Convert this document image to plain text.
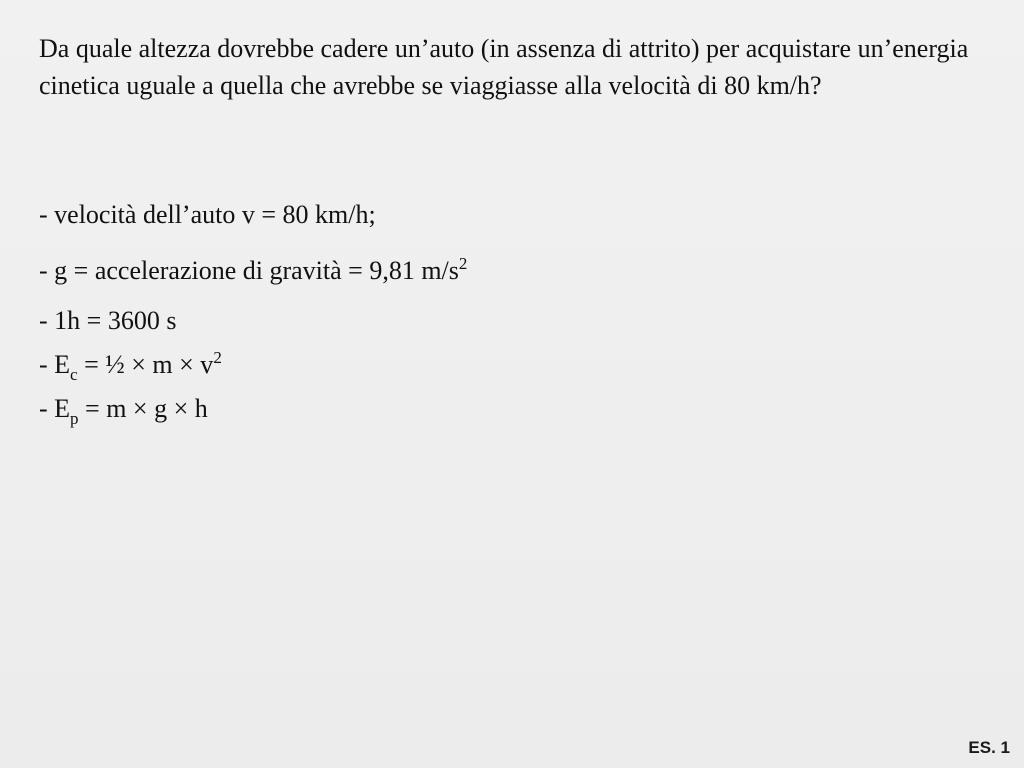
Da quale altezza dovrebbe cadere un’auto (in assenza di attrito) per acquistare un’energia cinetica uguale a quella che avrebbe se viaggiasse alla velocità di 80 km/h?

- velocità dell’auto v = 80 km/h;
- g = accelerazione di gravità = 9,81 $m/s^2$
- 1h = 3600 s
- $E_c$ = ½ × $m \times v^2$
- $E_p = m \times g \times h$
ES. 1
